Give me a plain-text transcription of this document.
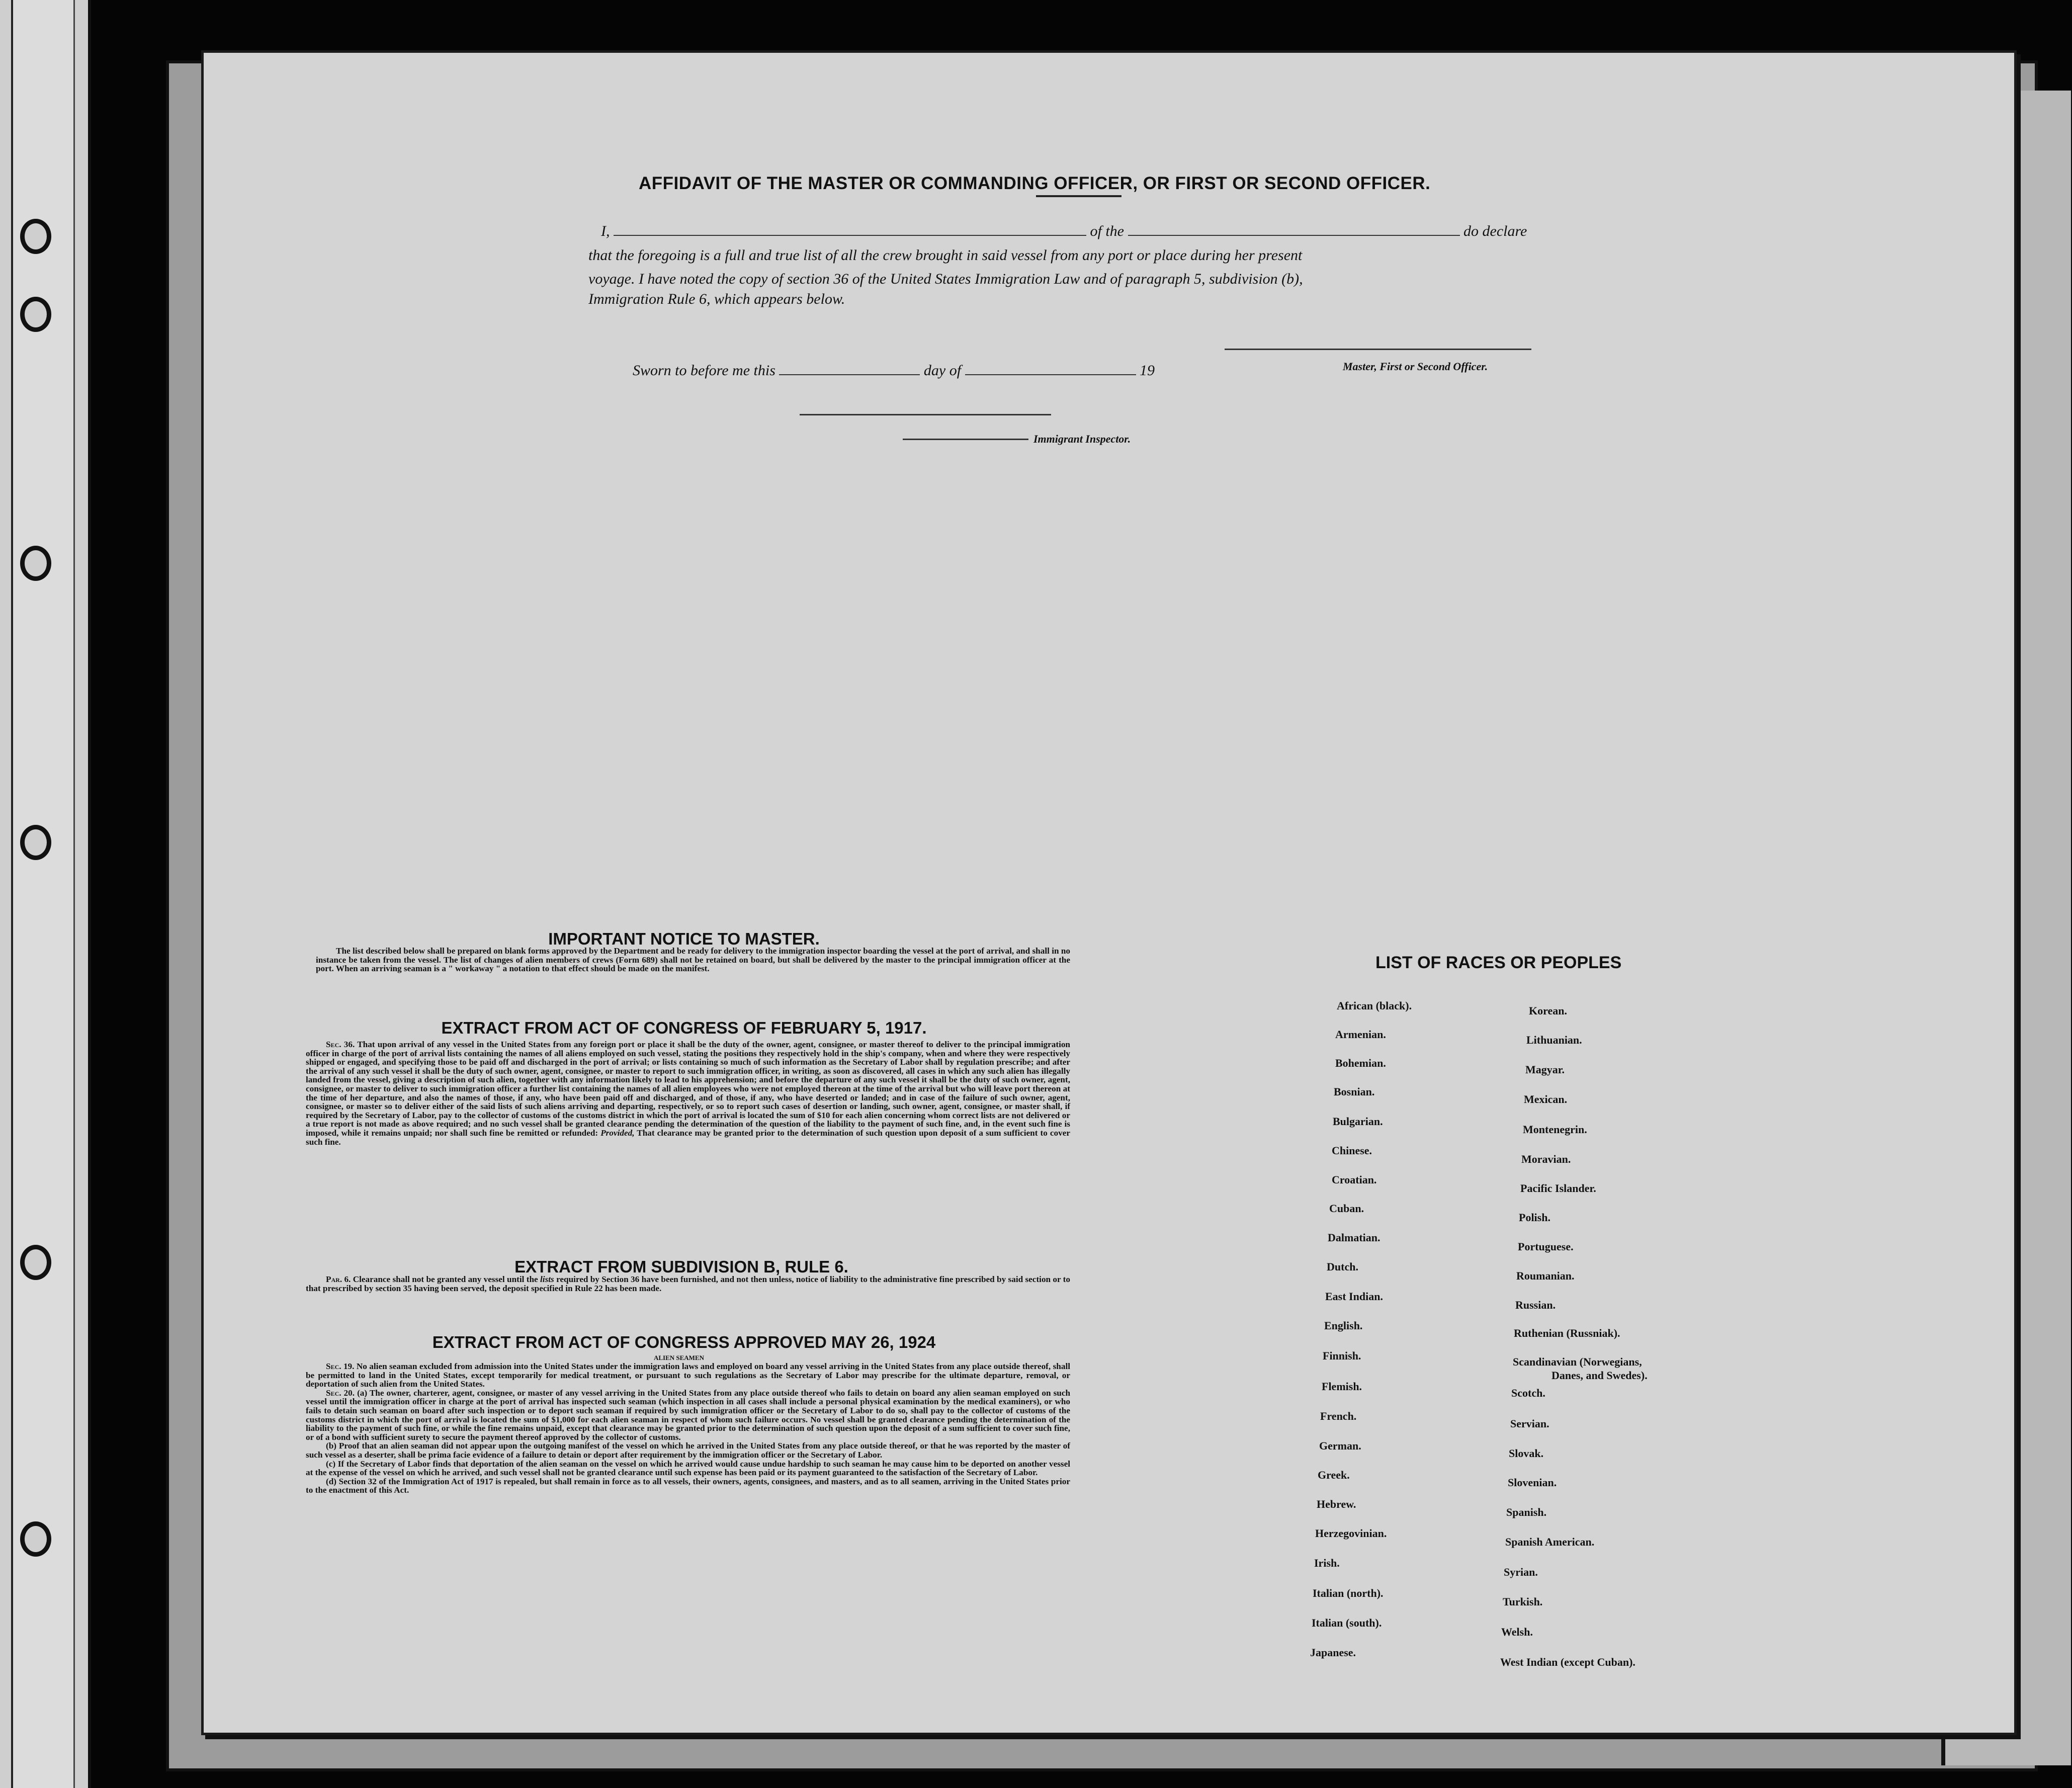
AFFIDAVIT OF THE MASTER OR COMMANDING OFFICER, OR FIRST OR SECOND OFFICER.
I,	of the	do declare
that the foregoing is a full and true list of all the crew brought in said vessel from any port or place during her present
voyage. I have noted the copy of section 36 of the United States Immigration Law and of paragraph 5, subdivision (b),
Immigration Rule 6, which appears below.
Sworn to before me this	day of	19	Master, First or Second Officer.
Immigrant Inspector.
IMPORTANT NOTICE TO MASTER.
The list described below shall be prepared on blank forms approved by the Department and be ready for delivery to the immigration inspector boarding the vessel at the port of arrival, and shall in no instance be taken from the vessel. The list of changes of alien members of crews (Form 689) shall not be retained on board, but shall be delivered by the master to the principal immigration officer at the port. When an arriving seaman is a " workaway " a notation to that effect should be made on the manifest.
EXTRACT FROM ACT OF CONGRESS OF FEBRUARY 5, 1917.
Sec. 36. That upon arrival of any vessel in the United States from any foreign port or place it shall be the duty of the owner, agent, consignee, or master thereof to deliver to the principal immigration officer in charge of the port of arrival lists containing the names of all aliens employed on such vessel, stating the positions they respectively hold in the ship's company, when and where they were respectively shipped or engaged, and specifying those to be paid off and discharged in the port of arrival; or lists containing so much of such information as the Secretary of Labor shall by regulation prescribe; and after the arrival of any such vessel it shall be the duty of such owner, agent, consignee, or master to report to such immigration officer, in writing, as soon as discovered, all cases in which any such alien has illegally landed from the vessel, giving a description of such alien, together with any information likely to lead to his apprehension; and before the departure of any such vessel it shall be the duty of such owner, agent, consignee, or master to deliver to such immigration officer a further list containing the names of all alien employees who were not employed thereon at the time of the arrival but who will leave port thereon at the time of her departure, and also the names of those, if any, who have been paid off and discharged, and of those, if any, who have deserted or landed; and in case of the failure of such owner, agent, consignee, or master so to deliver either of the said lists of such aliens arriving and departing, respectively, or so to report such cases of desertion or landing, such owner, agent, consignee, or master shall, if required by the Secretary of Labor, pay to the collector of customs of the customs district in which the port of arrival is located the sum of $10 for each alien concerning whom correct lists are not delivered or a true report is not made as above required; and no such vessel shall be granted clearance pending the determination of the question of the liability to the payment of such fine, and, in the event such fine is imposed, while it remains unpaid; nor shall such fine be remitted or refunded: Provided, That clearance may be granted prior to the determination of such question upon deposit of a sum sufficient to cover such fine.
EXTRACT FROM SUBDIVISION B, RULE 6.
Par. 6. Clearance shall not be granted any vessel until the lists required by Section 36 have been furnished, and not then unless, notice of liability to the administrative fine prescribed by said section or to that prescribed by section 35 having been served, the deposit specified in Rule 22 has been made.
EXTRACT FROM ACT OF CONGRESS APPROVED MAY 26, 1924
ALIEN SEAMEN
Sec. 19. No alien seaman excluded from admission into the United States under the immigration laws and employed on board any vessel arriving in the United States from any place outside thereof, shall be permitted to land in the United States, except temporarily for medical treatment, or pursuant to such regulations as the Secretary of Labor may prescribe for the ultimate departure, removal, or deportation of such alien from the United States.
Sec. 20. (a) The owner, charterer, agent, consignee, or master of any vessel arriving in the United States from any place outside thereof who fails to detain on board any alien seaman employed on such vessel until the immigration officer in charge at the port of arrival has inspected such seaman (which inspection in all cases shall include a personal physical examination by the medical examiners), or who fails to detain such seaman on board after such inspection or to deport such seaman if required by such immigration officer or the Secretary of Labor to do so, shall pay to the collector of customs of the customs district in which the port of arrival is located the sum of $1,000 for each alien seaman in respect of whom such failure occurs. No vessel shall be granted clearance pending the determination of the liability to the payment of such fine, or while the fine remains unpaid, except that clearance may be granted prior to the determination of such question upon the deposit of a sum sufficient to cover such fine, or of a bond with sufficient surety to secure the payment thereof approved by the collector of customs.
(b) Proof that an alien seaman did not appear upon the outgoing manifest of the vessel on which he arrived in the United States from any place outside thereof, or that he was reported by the master of such vessel as a deserter, shall be prima facie evidence of a failure to detain or deport after requirement by the immigration officer or the Secretary of Labor.
(c) If the Secretary of Labor finds that deportation of the alien seaman on the vessel on which he arrived would cause undue hardship to such seaman he may cause him to be deported on another vessel at the expense of the vessel on which he arrived, and such vessel shall not be granted clearance until such expense has been paid or its payment guaranteed to the satisfaction of the Secretary of Labor.
(d) Section 32 of the Immigration Act of 1917 is repealed, but shall remain in force as to all vessels, their owners, agents, consignees, and masters, and as to all seamen, arriving in the United States prior to the enactment of this Act.
LIST OF RACES OR PEOPLES
African (black).
Armenian.
Bohemian.
Bosnian.
Bulgarian.
Chinese.
Croatian.
Cuban.
Dalmatian.
Dutch.
East Indian.
English.
Finnish.
Flemish.
French.
German.
Greek.
Hebrew.
Herzegovinian.
Irish.
Italian (north).
Italian (south).
Japanese.
Korean.
Lithuanian.
Magyar.
Mexican.
Montenegrin.
Moravian.
Pacific Islander.
Polish.
Portuguese.
Roumanian.
Russian.
Ruthenian (Russniak).
Scandinavian (Norwegians,
Danes, and Swedes).
Scotch.
Servian.
Slovak.
Slovenian.
Spanish.
Spanish American.
Syrian.
Turkish.
Welsh.
West Indian (except Cuban).
